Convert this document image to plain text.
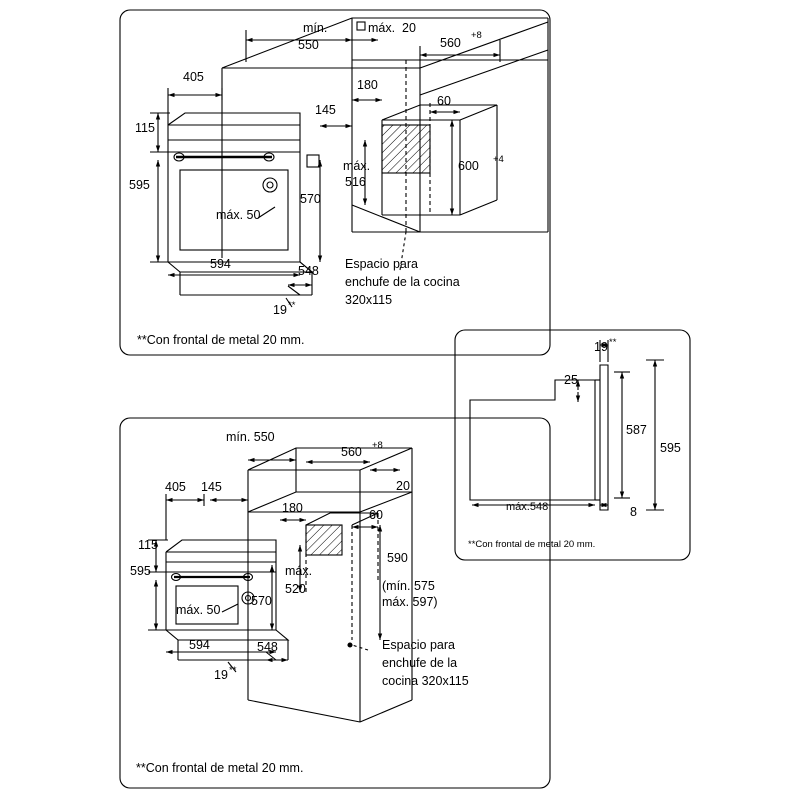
mín.
550
máx.  20
560
+8
405
180
60
145
115
600 +4
máx.
516
595
570
máx. 50
594	548
19 **
Espacio para
enchufe de la cocina
320x115
**Con frontal de metal 20 mm.	19 **
25
587
595
máx.548	8
**Con frontal de metal 20 mm.
mín. 550
560 +8
405 145	20
180	60
115
595
590
máx.
520	(mín. 575
máx. 597)
máx. 50
570
594	548
19 **
Espacio para
enchufe de la
cocina 320x115
**Con frontal de metal 20 mm.
